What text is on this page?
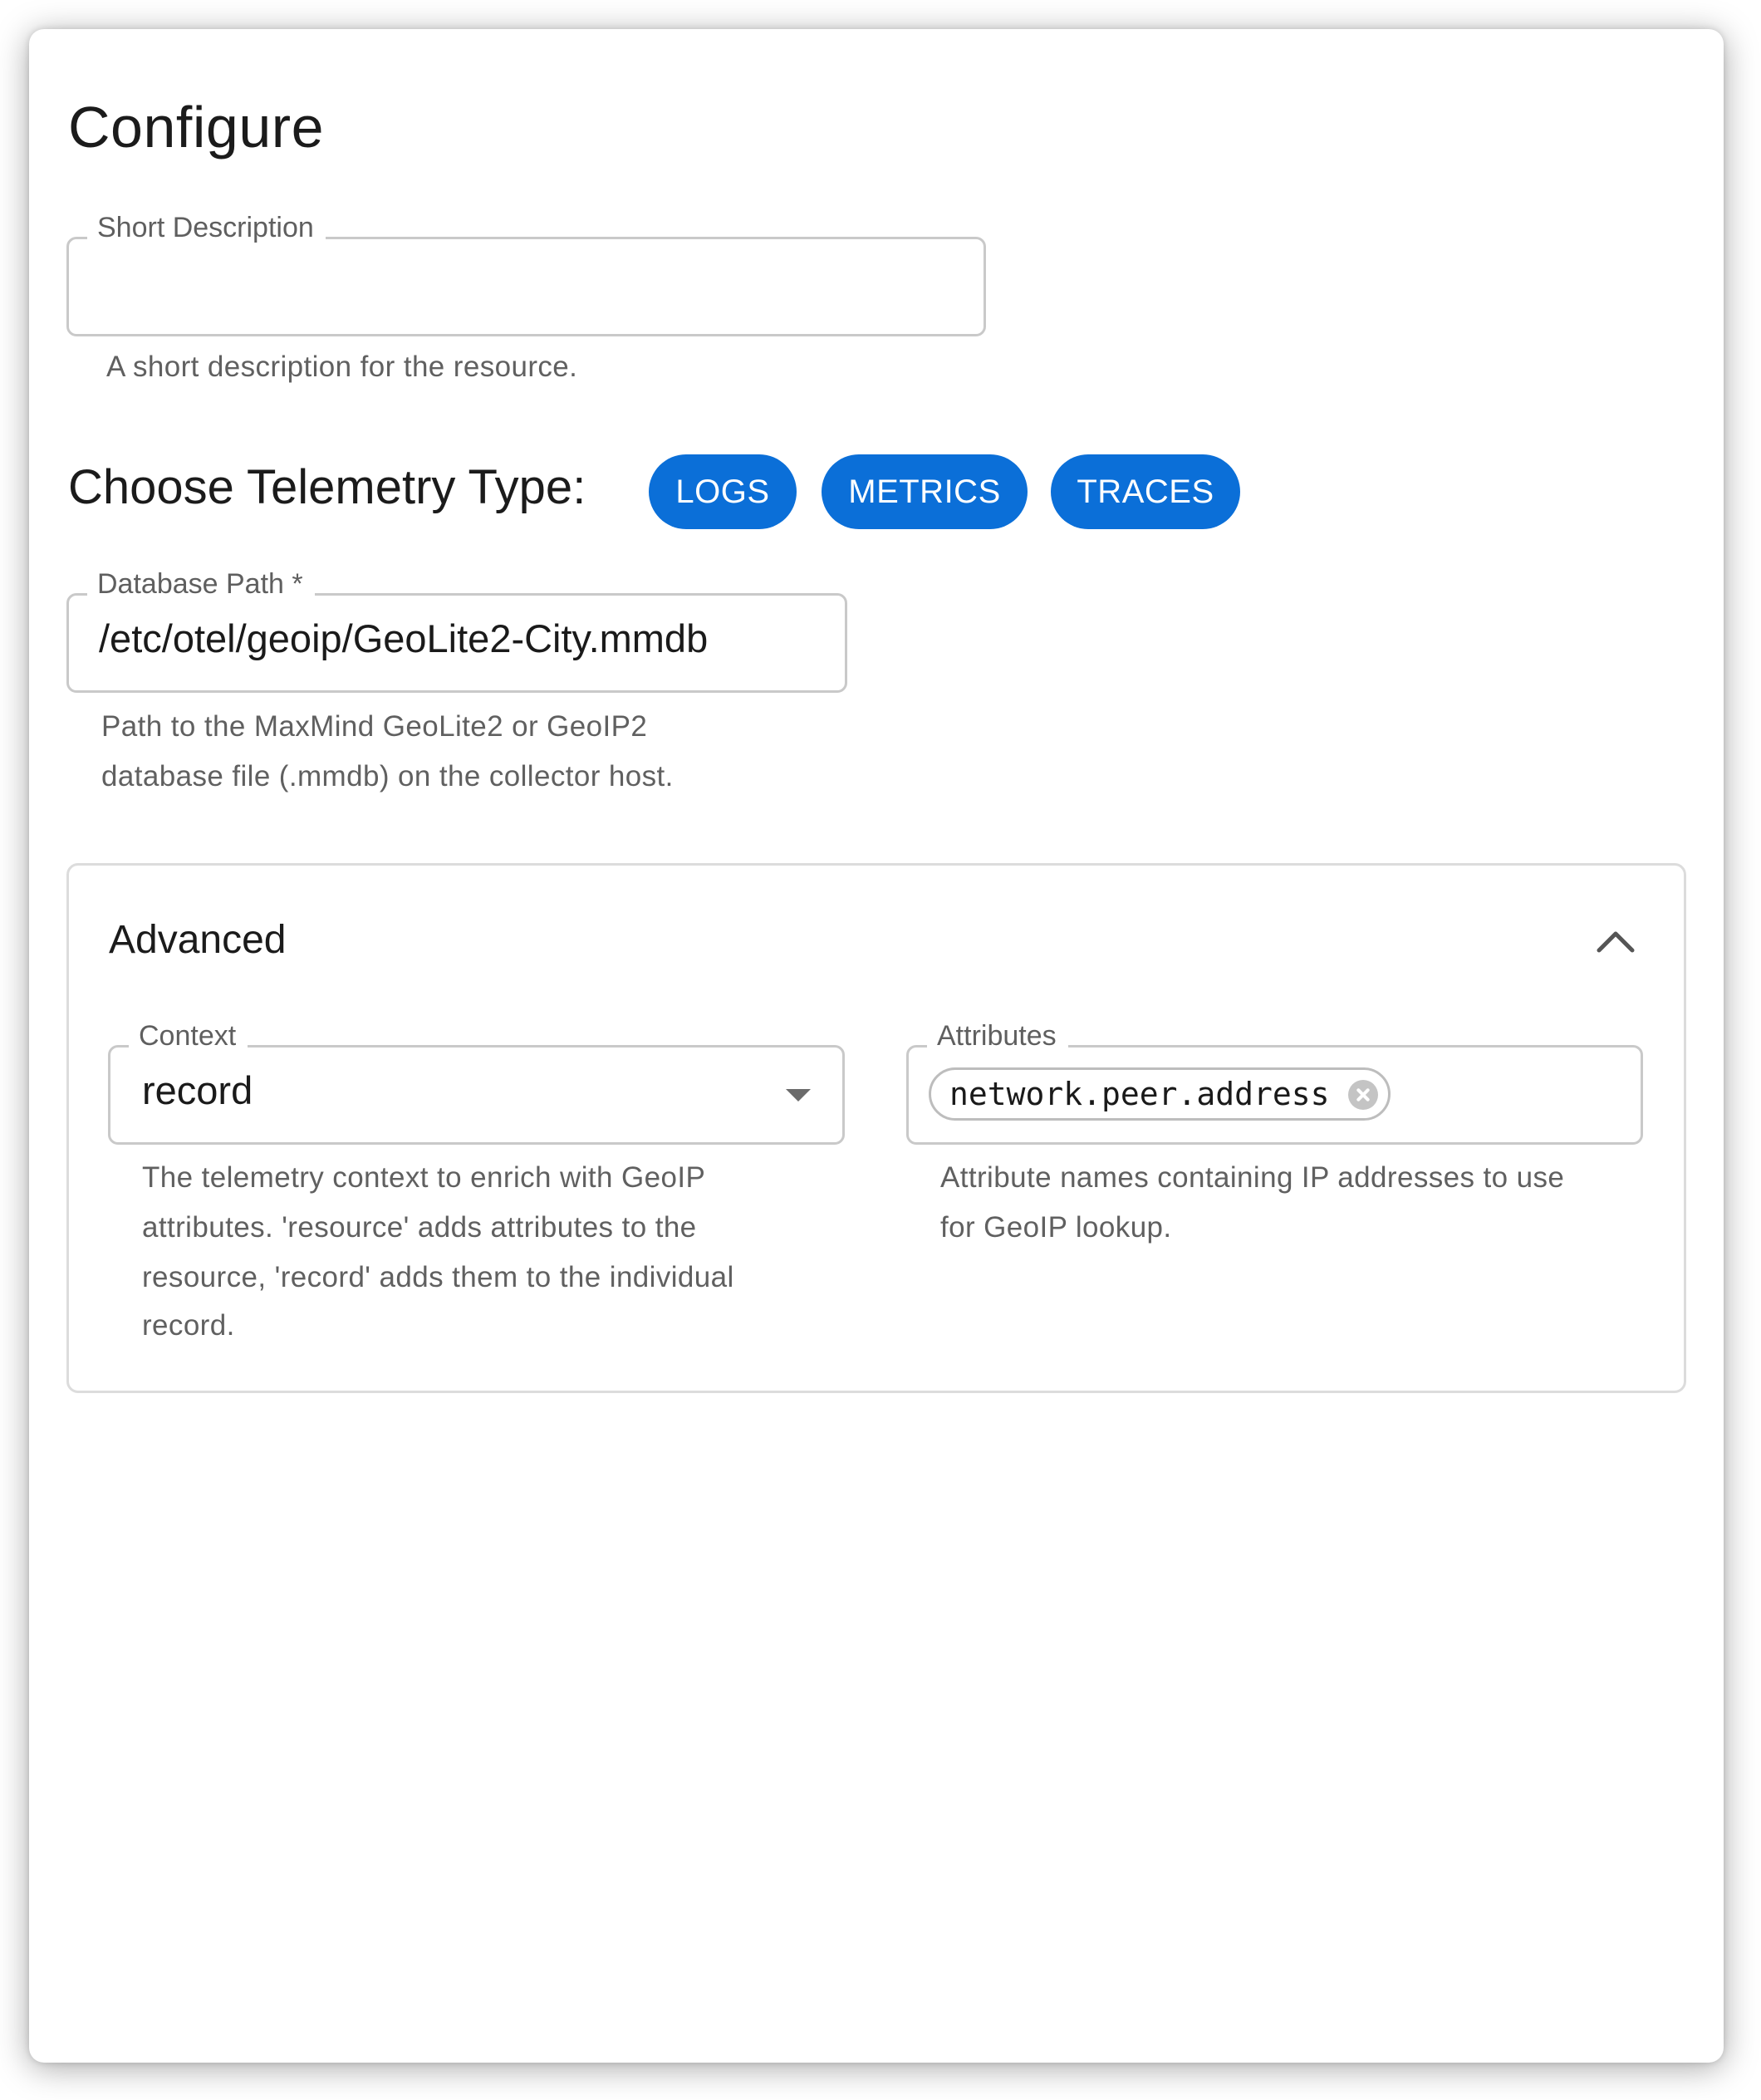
Configure
Short Description
A short description for the resource.
Choose Telemetry Type:	LOGS	METRICS	TRACES
Database Path *
/etc/otel/geoip/GeoLite2-City.mmdb
Path to the MaxMind GeoLite2 or GeoIP2
database file (.mmdb) on the collector host.
Advanced
Context
record
The telemetry context to enrich with GeoIP
attributes. 'resource' adds attributes to the
resource, 'record' adds them to the individual
record.
Attributes
network.peer.address
Attribute names containing IP addresses to use
for GeoIP lookup.
